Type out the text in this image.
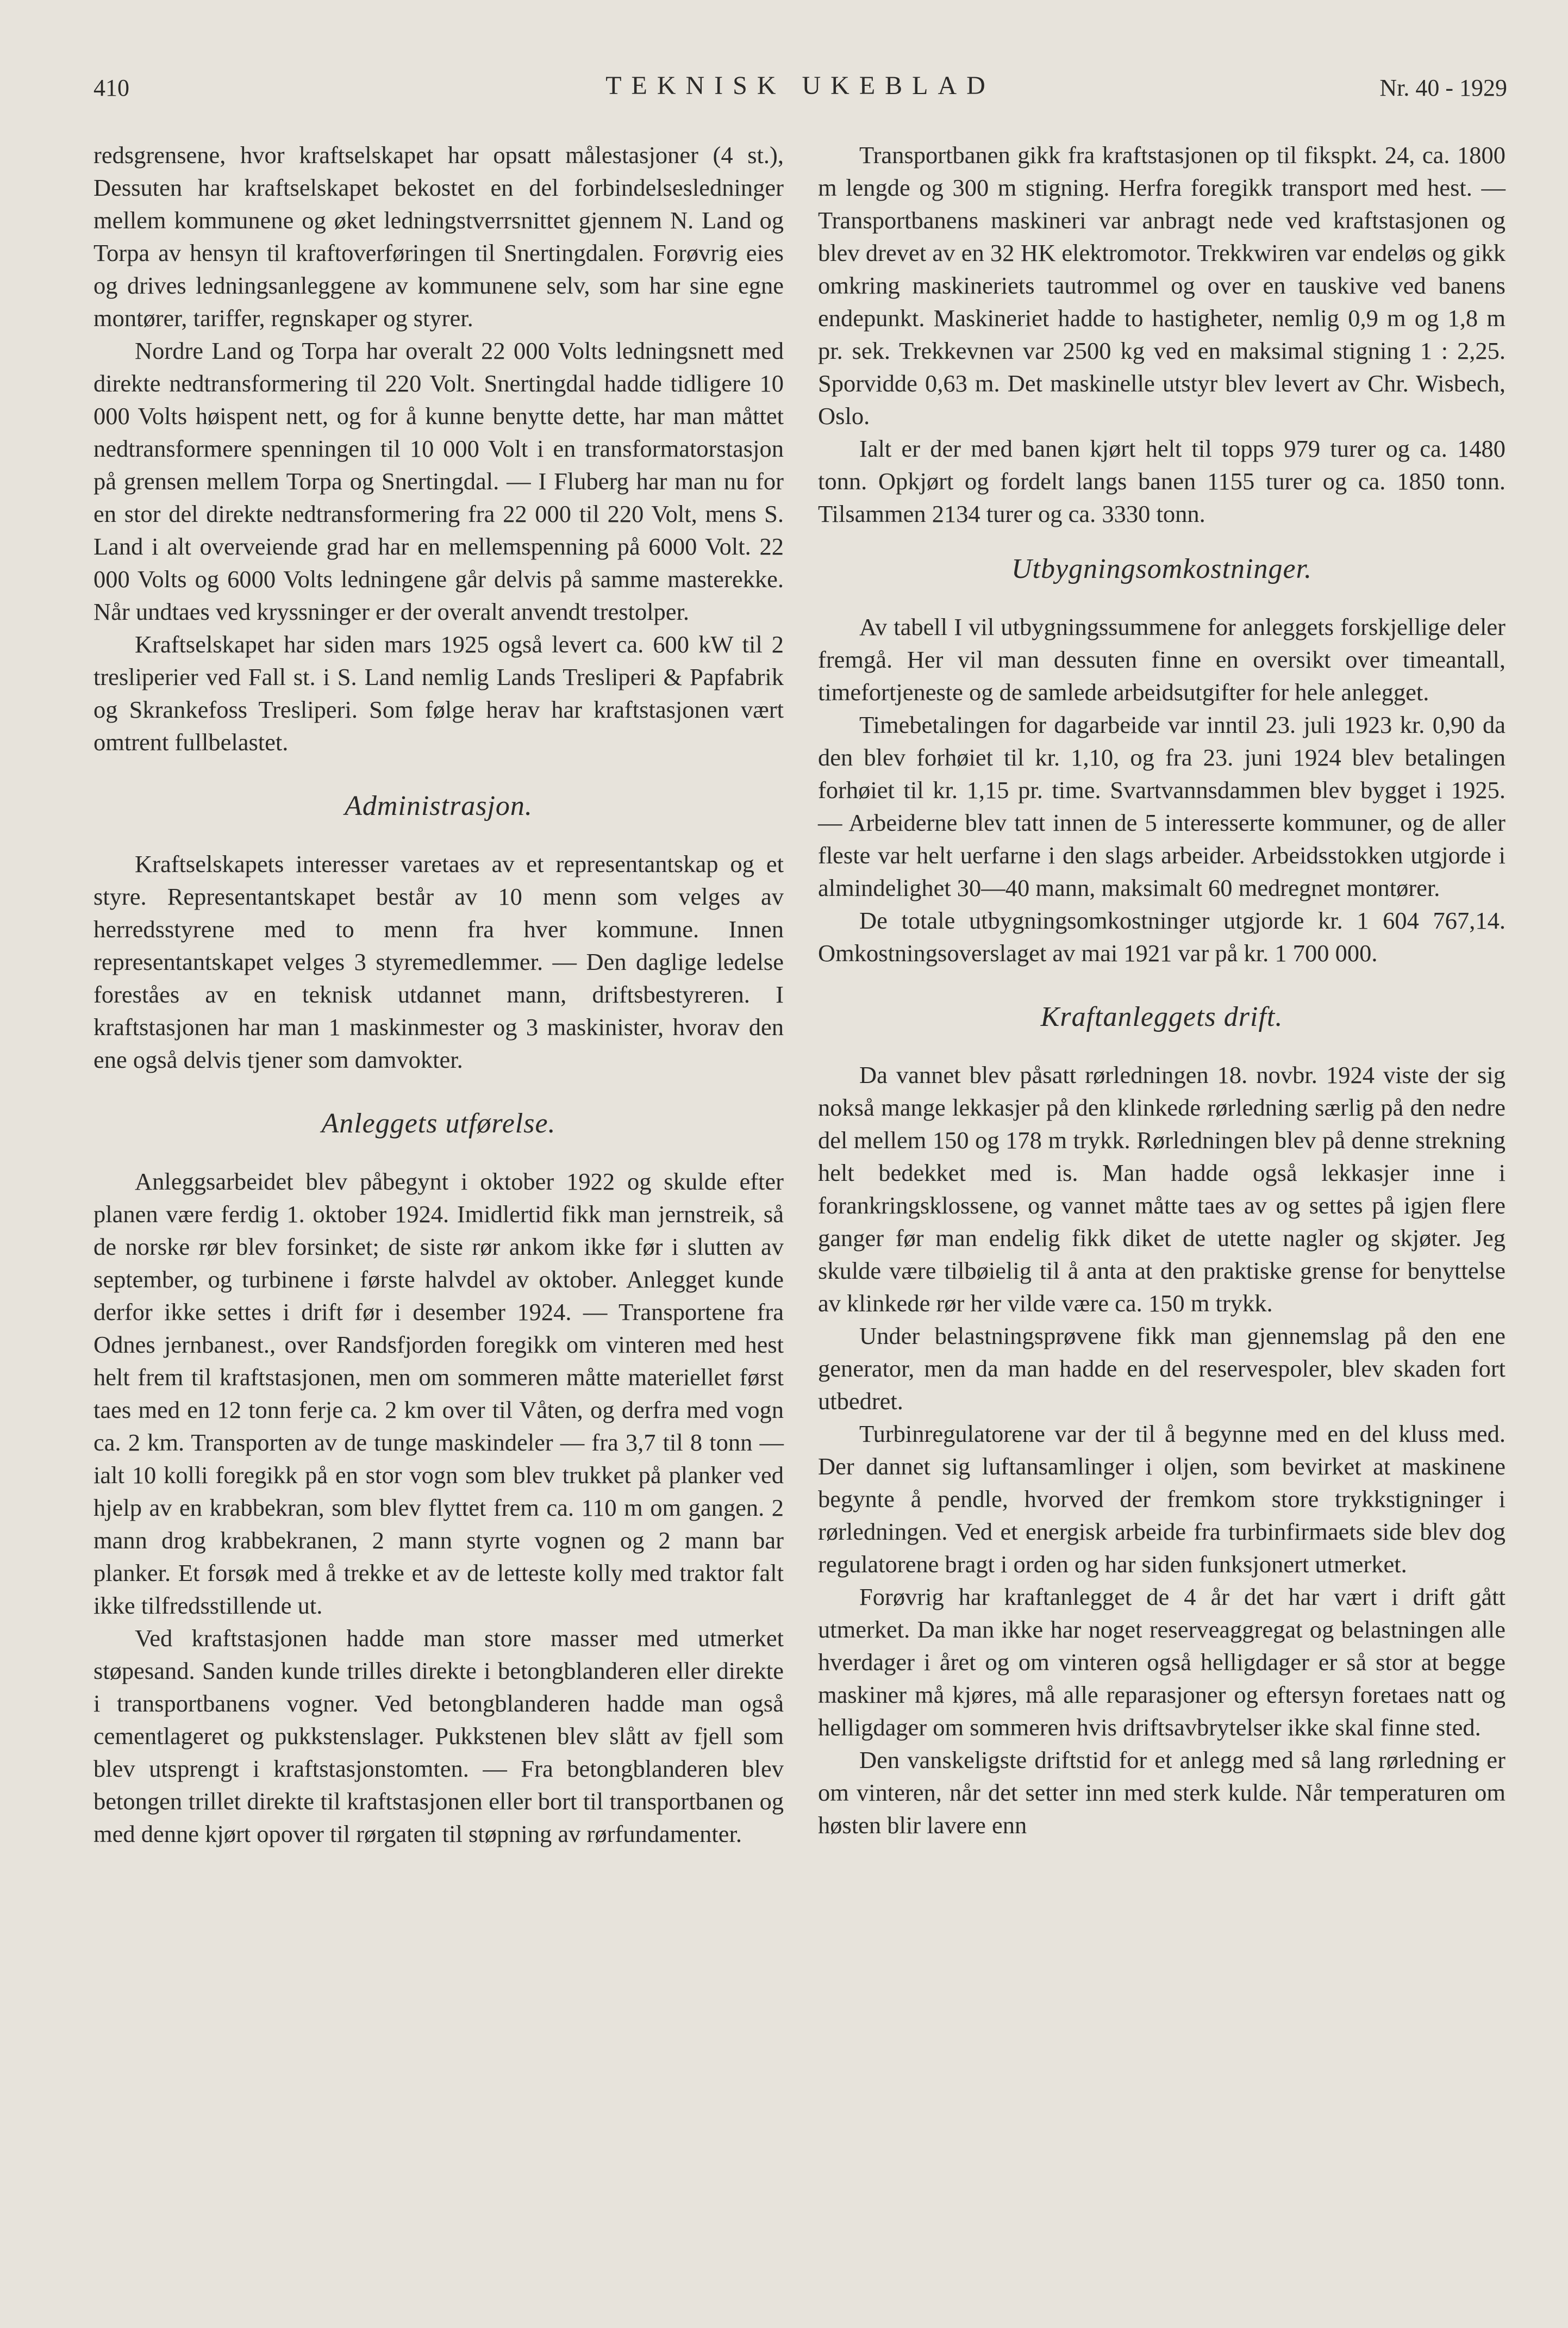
410	TEKNISK UKEBLAD	Nr. 40 - 1929

redsgrensene, hvor kraftselskapet har opsatt målestasjoner (4 st.), Dessuten har kraftselskapet bekostet en del forbindelsesledninger mellem kommunene og øket ledningstverrsnittet gjennem N. Land og Torpa av hensyn til kraftoverføringen til Snertingdalen. Forøvrig eies og drives ledningsanleggene av kommunene selv, som har sine egne montører, tariffer, regnskaper og styrer.

Nordre Land og Torpa har overalt 22 000 Volts ledningsnett med direkte nedtransformering til 220 Volt. Snertingdal hadde tidligere 10 000 Volts høispent nett, og for å kunne benytte dette, har man måttet nedtransformere spenningen til 10 000 Volt i en transformatorstasjon på grensen mellem Torpa og Snertingdal. — I Fluberg har man nu for en stor del direkte nedtransformering fra 22 000 til 220 Volt, mens S. Land i alt overveiende grad har en mellemspenning på 6000 Volt. 22 000 Volts og 6000 Volts ledningene går delvis på samme masterekke. Når undtaes ved kryssninger er der overalt anvendt trestolper.

Kraftselskapet har siden mars 1925 også levert ca. 600 kW til 2 tresliperier ved Fall st. i S. Land nemlig Lands Tresliperi & Papfabrik og Skrankefoss Tresliperi. Som følge herav har kraftstasjonen vært omtrent fullbelastet.

Administrasjon.

Kraftselskapets interesser varetaes av et representantskap og et styre. Representantskapet består av 10 menn som velges av herredsstyrene med to menn fra hver kommune. Innen representantskapet velges 3 styremedlemmer. — Den daglige ledelse foreståes av en teknisk utdannet mann, driftsbestyreren. I kraftstasjonen har man 1 maskinmester og 3 maskinister, hvorav den ene også delvis tjener som damvokter.

Anleggets utførelse.

Anleggsarbeidet blev påbegynt i oktober 1922 og skulde efter planen være ferdig 1. oktober 1924. Imidlertid fikk man jernstreik, så de norske rør blev forsinket; de siste rør ankom ikke før i slutten av september, og turbinene i første halvdel av oktober. Anlegget kunde derfor ikke settes i drift før i desember 1924. — Transportene fra Odnes jernbanest., over Randsfjorden foregikk om vinteren med hest helt frem til kraftstasjonen, men om sommeren måtte materiellet først taes med en 12 tonn ferje ca. 2 km over til Våten, og derfra med vogn ca. 2 km. Transporten av de tunge maskindeler — fra 3,7 til 8 tonn — ialt 10 kolli foregikk på en stor vogn som blev trukket på planker ved hjelp av en krabbekran, som blev flyttet frem ca. 110 m om gangen. 2 mann drog krabbekranen, 2 mann styrte vognen og 2 mann bar planker. Et forsøk med å trekke et av de letteste kolly med traktor falt ikke tilfredsstillende ut.

Ved kraftstasjonen hadde man store masser med utmerket støpesand. Sanden kunde trilles direkte i betongblanderen eller direkte i transportbanens vogner. Ved betongblanderen hadde man også cementlageret og pukkstenslager. Pukkstenen blev slått av fjell som blev utsprengt i kraftstasjonstomten. — Fra betongblanderen blev betongen trillet direkte til kraftstasjonen eller bort til transportbanen og med denne kjørt opover til rørgaten til støpning av rørfundamenter.

Transportbanen gikk fra kraftstasjonen op til fikspkt. 24, ca. 1800 m lengde og 300 m stigning. Herfra foregikk transport med hest. — Transportbanens maskineri var anbragt nede ved kraftstasjonen og blev drevet av en 32 HK elektromotor. Trekkwiren var endeløs og gikk omkring maskineriets tautrommel og over en tauskive ved banens endepunkt. Maskineriet hadde to hastigheter, nemlig 0,9 m og 1,8 m pr. sek. Trekkevnen var 2500 kg ved en maksimal stigning 1 : 2,25. Sporvidde 0,63 m. Det maskinelle utstyr blev levert av Chr. Wisbech, Oslo.

Ialt er der med banen kjørt helt til topps 979 turer og ca. 1480 tonn. Opkjørt og fordelt langs banen 1155 turer og ca. 1850 tonn. Tilsammen 2134 turer og ca. 3330 tonn.

Utbygningsomkostninger.

Av tabell I vil utbygningssummene for anleggets forskjellige deler fremgå. Her vil man dessuten finne en oversikt over timeantall, timefortjeneste og de samlede arbeidsutgifter for hele anlegget.

Timebetalingen for dagarbeide var inntil 23. juli 1923 kr. 0,90 da den blev forhøiet til kr. 1,10, og fra 23. juni 1924 blev betalingen forhøiet til kr. 1,15 pr. time. Svartvannsdammen blev bygget i 1925. — Arbeiderne blev tatt innen de 5 interesserte kommuner, og de aller fleste var helt uerfarne i den slags arbeider. Arbeidsstokken utgjorde i almindelighet 30—40 mann, maksimalt 60 medregnet montører.

De totale utbygningsomkostninger utgjorde kr. 1 604 767,14. Omkostningsoverslaget av mai 1921 var på kr. 1 700 000.

Kraftanleggets drift.

Da vannet blev påsatt rørledningen 18. novbr. 1924 viste der sig nokså mange lekkasjer på den klinkede rørledning særlig på den nedre del mellem 150 og 178 m trykk. Rørledningen blev på denne strekning helt bedekket med is. Man hadde også lekkasjer inne i forankringsklossene, og vannet måtte taes av og settes på igjen flere ganger før man endelig fikk diket de utette nagler og skjøter. Jeg skulde være tilbøielig til å anta at den praktiske grense for benyttelse av klinkede rør her vilde være ca. 150 m trykk.

Under belastningsprøvene fikk man gjennemslag på den ene generator, men da man hadde en del reservespoler, blev skaden fort utbedret.

Turbinregulatorene var der til å begynne med en del kluss med. Der dannet sig luftansamlinger i oljen, som bevirket at maskinene begynte å pendle, hvorved der fremkom store trykkstigninger i rørledningen. Ved et energisk arbeide fra turbinfirmaets side blev dog regulatorene bragt i orden og har siden funksjonert utmerket.

Forøvrig har kraftanlegget de 4 år det har vært i drift gått utmerket. Da man ikke har noget reserveaggregat og belastningen alle hverdager i året og om vinteren også helligdager er så stor at begge maskiner må kjøres, må alle reparasjoner og eftersyn foretaes natt og helligdager om sommeren hvis driftsavbrytelser ikke skal finne sted.

Den vanskeligste driftstid for et anlegg med så lang rørledning er om vinteren, når det setter inn med sterk kulde. Når temperaturen om høsten blir lavere enn
